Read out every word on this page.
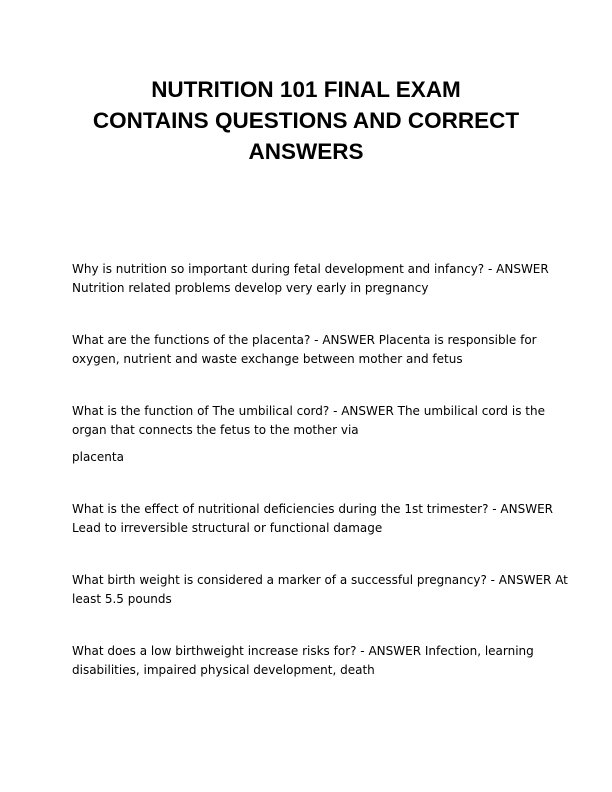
NUTRITION 101 FINAL EXAM
CONTAINS QUESTIONS AND CORRECT
ANSWERS

Why is nutrition so important during fetal development and infancy? - ANSWER
Nutrition related problems develop very early in pregnancy

What are the functions of the placenta? - ANSWER Placenta is responsible for
oxygen, nutrient and waste exchange between mother and fetus

What is the function of The umbilical cord? - ANSWER The umbilical cord is the
organ that connects the fetus to the mother via

placenta

What is the effect of nutritional deficiencies during the 1st trimester? - ANSWER
Lead to irreversible structural or functional damage

What birth weight is considered a marker of a successful pregnancy? - ANSWER At
least 5.5 pounds

What does a low birthweight increase risks for? - ANSWER Infection, learning
disabilities, impaired physical development, death
